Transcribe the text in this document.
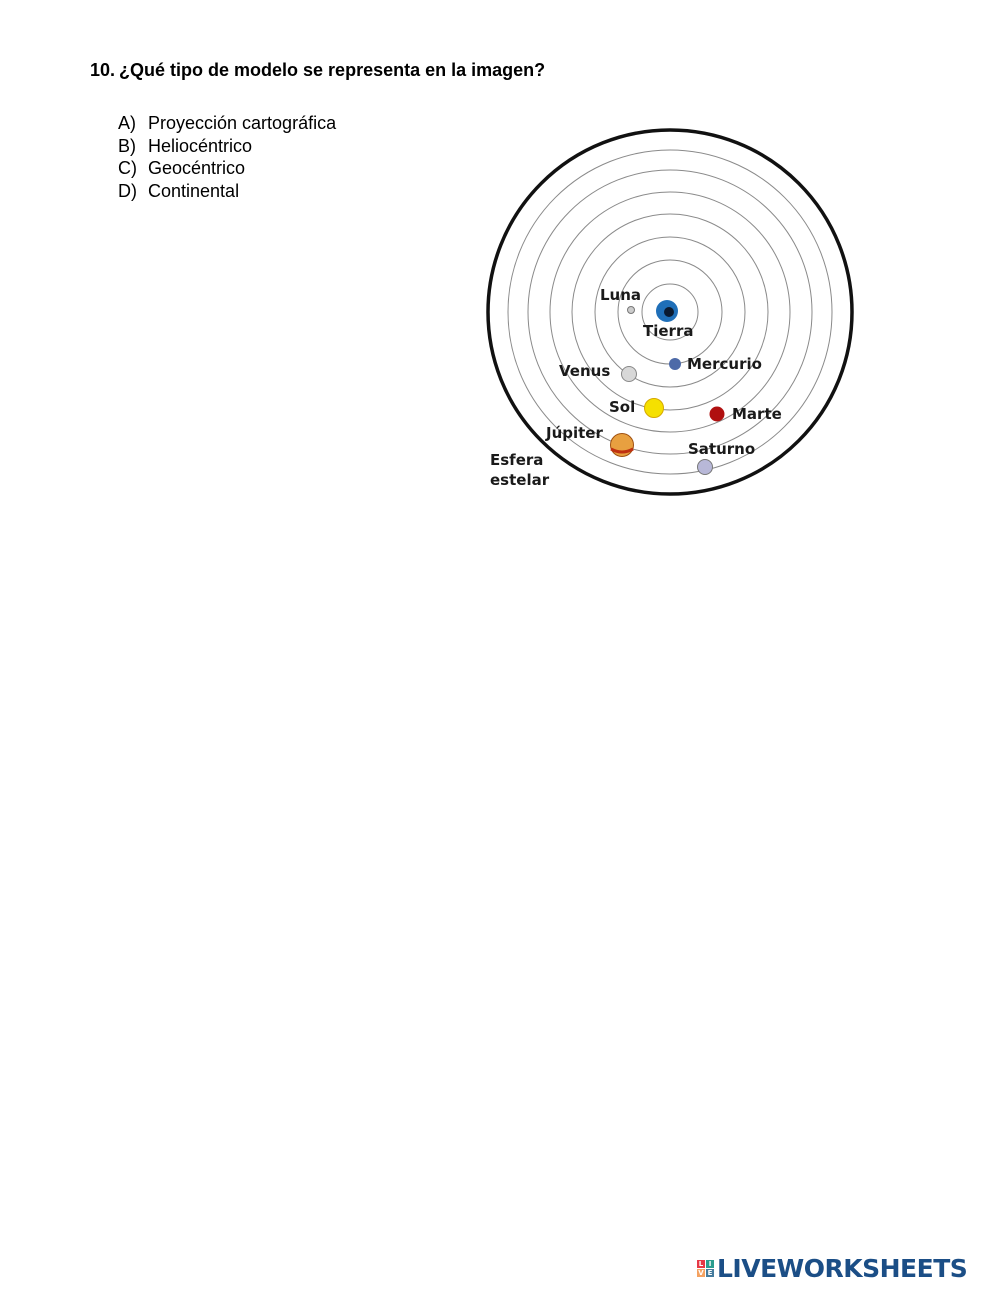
10. ¿Qué tipo de modelo se representa en la imagen?
A) Proyección cartográfica
B) Heliocéntrico
C) Geocéntrico
D) Continental
Luna
Tierra
Mercurio
Venus
Sol	Marte
Júpiter
Saturno
Esfera
estelar
L I
V E LIVEWORKSHEETS
